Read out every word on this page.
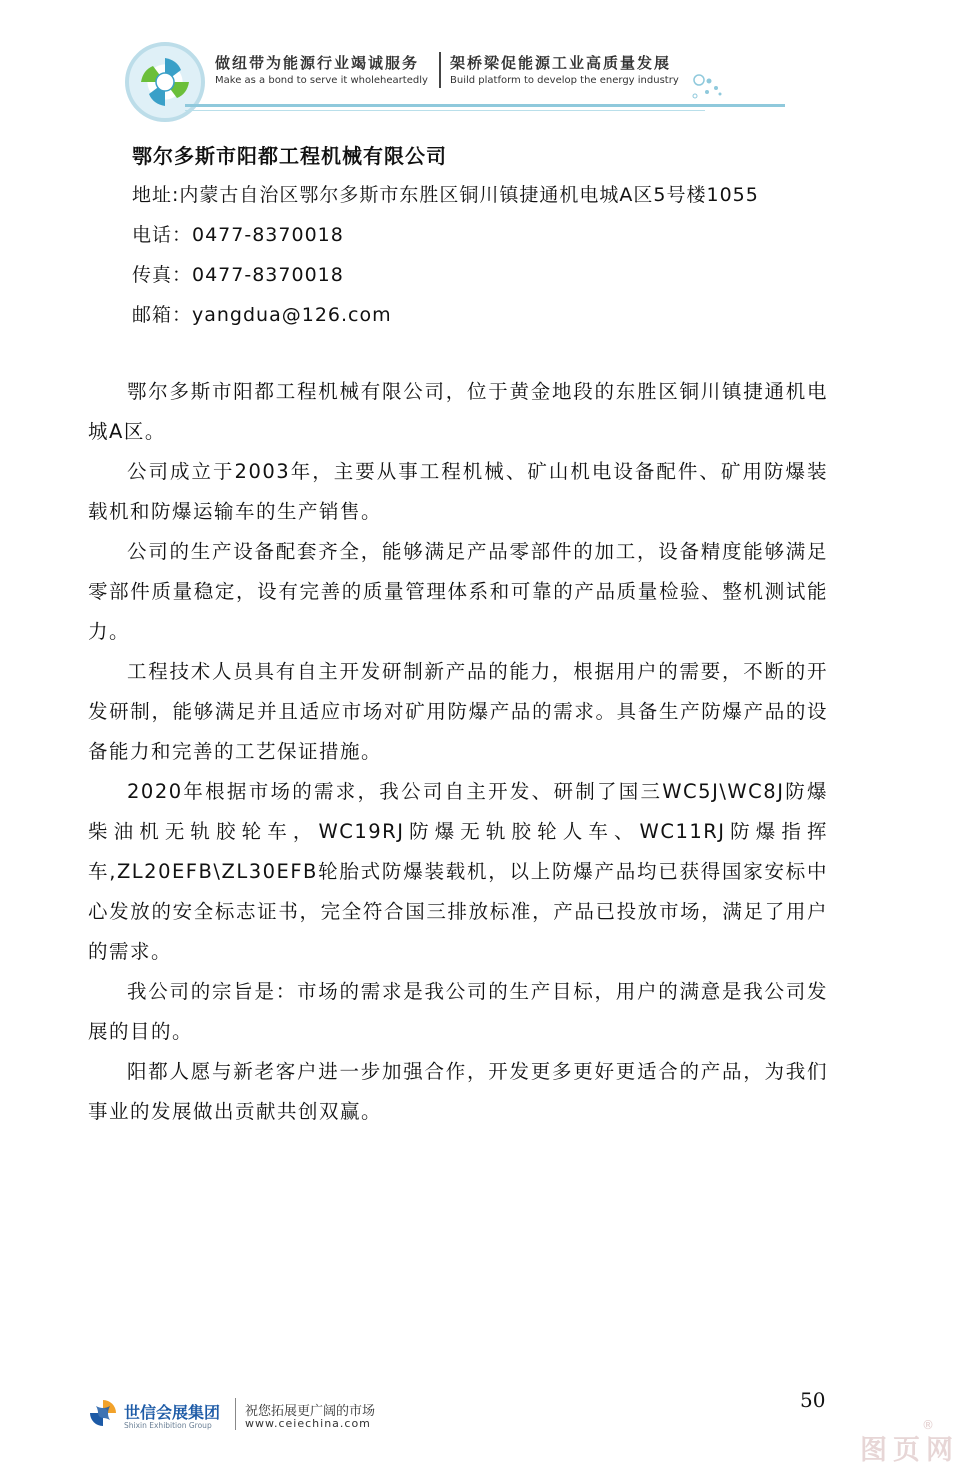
做纽带为能源行业竭诚服务 架桥梁促能源工业高质量发展
Make as a bond to serve it wholeheartedly Build platform to develop the energy industry
鄂尔多斯市阳都工程机械有限公司
地址:内蒙古自治区鄂尔多斯市东胜区铜川镇捷通机电城A区5号楼1055
电话：0477-8370018
传真：0477-8370018
邮箱：yangdua@126.com

鄂尔多斯市阳都工程机械有限公司，位于黄金地段的东胜区铜川镇捷通机电城A区。

公司成立于2003年，主要从事工程机械、矿山机电设备配件、矿用防爆装载机和防爆运输车的生产销售。

公司的生产设备配套齐全，能够满足产品零部件的加工，设备精度能够满足零部件质量稳定，设有完善的质量管理体系和可靠的产品质量检验、整机测试能力。

工程技术人员具有自主开发研制新产品的能力，根据用户的需要，不断的开发研制，能够满足并且适应市场对矿用防爆产品的需求。具备生产防爆产品的设备能力和完善的工艺保证措施。

2020年根据市场的需求，我公司自主开发、研制了国三WC5J\WC8J防爆柴油机无轨胶轮车，WC19RJ防爆无轨胶轮人车、WC11RJ防爆指挥车,ZL20EFB\ZL30EFB轮胎式防爆装载机，以上防爆产品均已获得国家安标中心发放的安全标志证书，完全符合国三排放标准，产品已投放市场，满足了用户的需求。

我公司的宗旨是：市场的需求是我公司的生产目标，用户的满意是我公司发展的目的。

阳都人愿与新老客户进一步加强合作，开发更多更好更适合的产品，为我们事业的发展做出贡献共创双赢。

世信会展集团
Shixin Exhibition Group
祝您拓展更广阔的市场
www.ceiechina.com
50
图页网
®
